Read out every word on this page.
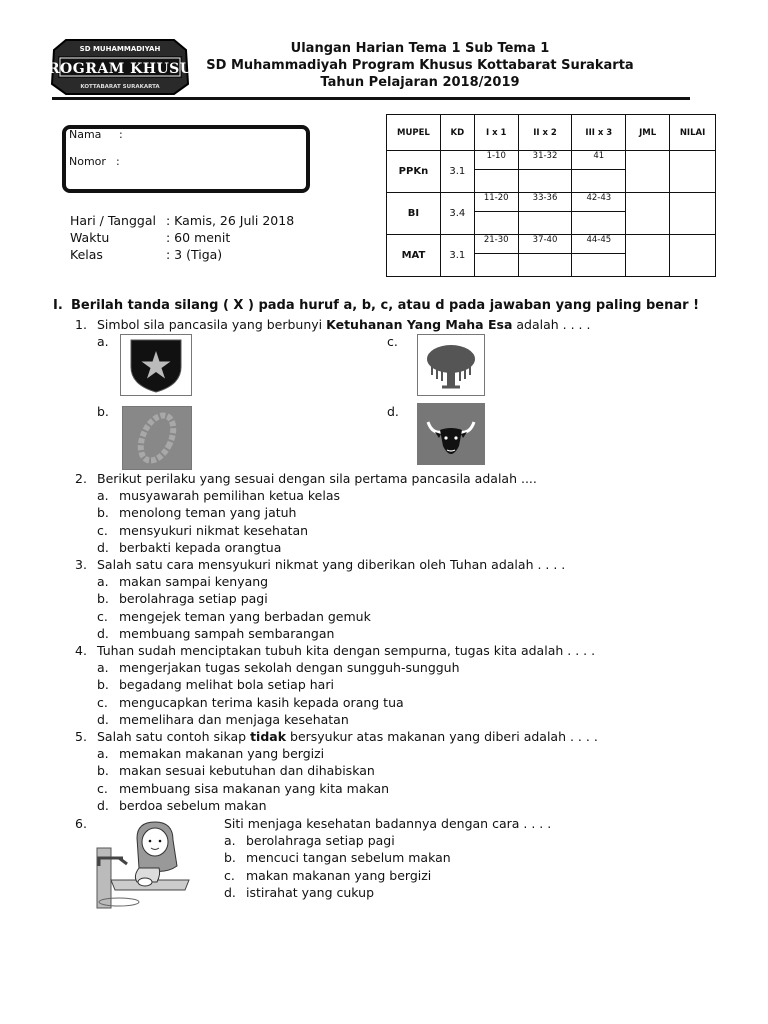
SD MUHAMMADIYAH
PROGRAM KHUSUS
KOTTABARAT SURAKARTA
Ulangan Harian Tema 1 Sub Tema 1
SD Muhammadiyah Program Khusus Kottabarat Surakarta
Tahun Pelajaran 2018/2019
Nama :
Nomor :
Hari / Tanggal : Kamis, 26 Juli 2018
Waktu	: 60 menit
Kelas	: 3 (Tiga)
MUPEL	KD	I x 1	II x 2	III x 3	JML	NILAI
PPKn	3.1	1-10	31-32	41		

BI	3.4	11-20	33-36	42-43		

MAT	3.1	21-30	37-40	44-45		

I. Berilah tanda silang ( X ) pada huruf a, b, c, atau d pada jawaban yang paling benar !
1. Simbol sila pancasila yang berbunyi Ketuhanan Yang Maha Esa adalah . . . .
a.
b.
c.
d.
2. Berikut perilaku yang sesuai dengan sila pertama pancasila adalah ....
a. musyawarah pemilihan ketua kelas
b. menolong teman yang jatuh
c. mensyukuri nikmat kesehatan
d. berbakti kepada orangtua
3. Salah satu cara mensyukuri nikmat yang diberikan oleh Tuhan adalah . . . .
a. makan sampai kenyang
b. berolahraga setiap pagi
c. mengejek teman yang berbadan gemuk
d. membuang sampah sembarangan
4. Tuhan sudah menciptakan tubuh kita dengan sempurna, tugas kita adalah . . . .
a. mengerjakan tugas sekolah dengan sungguh-sungguh
b. begadang melihat bola setiap hari
c. mengucapkan terima kasih kepada orang tua
d. memelihara dan menjaga kesehatan
5. Salah satu contoh sikap tidak bersyukur atas makanan yang diberi adalah . . . .
a. memakan makanan yang bergizi
b. makan sesuai kebutuhan dan dihabiskan
c. membuang sisa makanan yang kita makan
d. berdoa sebelum makan
6.	Siti menjaga kesehatan badannya dengan cara . . . .
a. berolahraga setiap pagi
b. mencuci tangan sebelum makan
c. makan makanan yang bergizi
d. istirahat yang cukup
